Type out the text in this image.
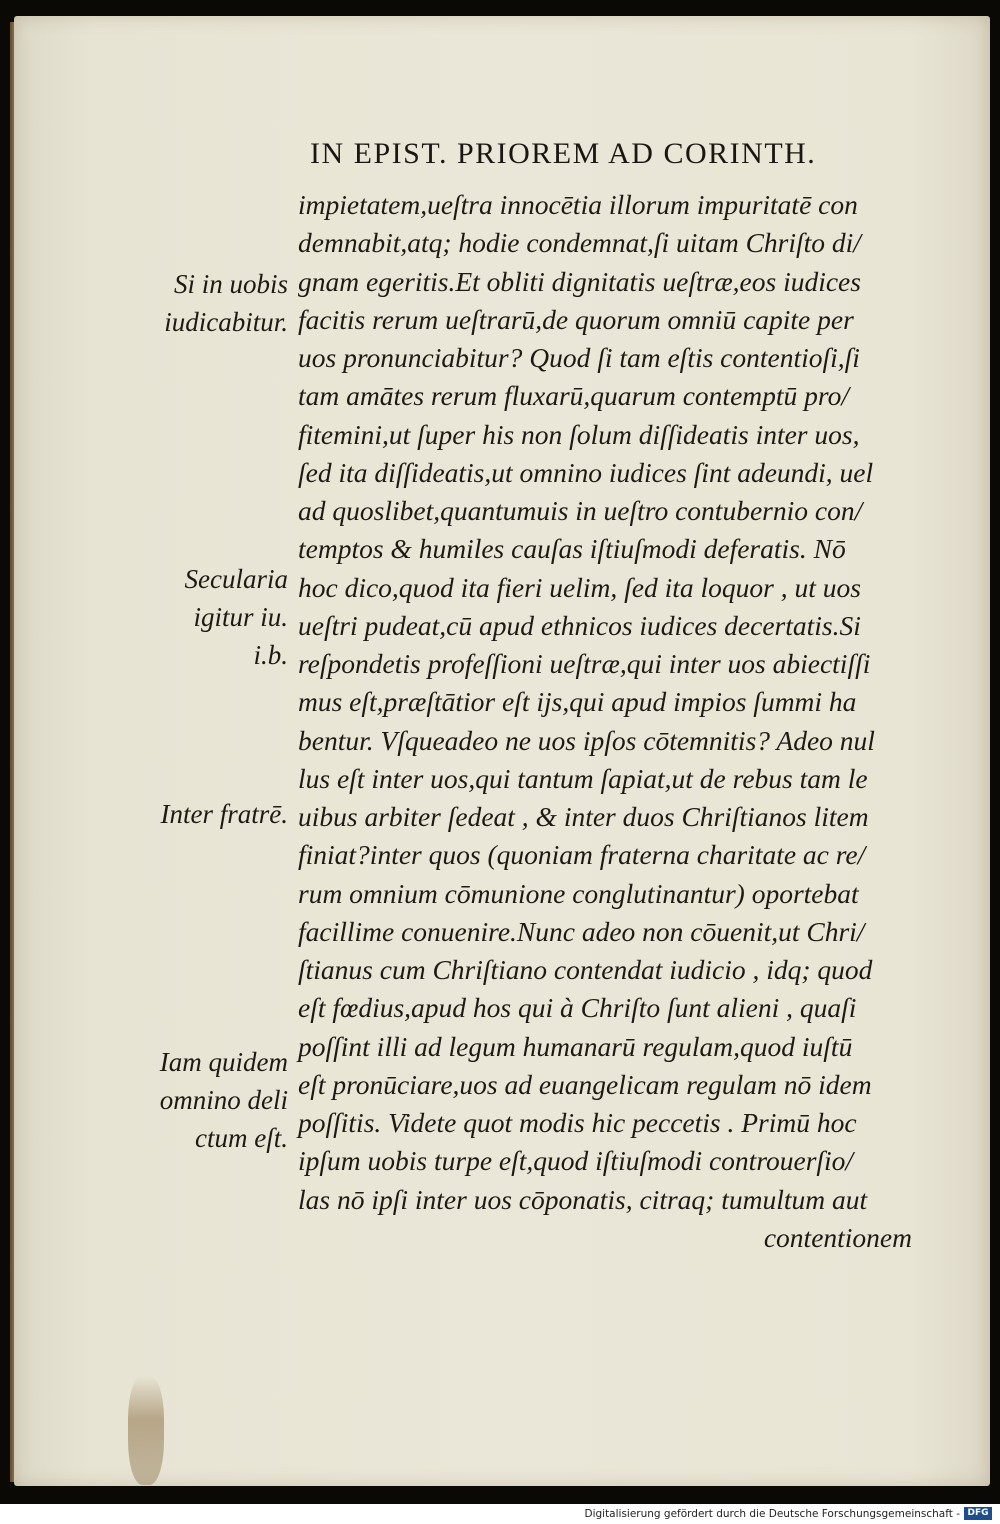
IN EPIST. PRIOREM AD CORINTH.
impietatem,ueſtra innocētia illorum impuritatē con
demnabit,atq; hodie condemnat,ſi uitam Chriſto di/
gnam egeritis.Et obliti dignitatis ueſtræ,eos iudices
facitis rerum ueſtrarū,de quorum omniū capite per
uos pronunciabitur? Quod ſi tam eſtis contentioſi,ſi
tam amātes rerum fluxarū,quarum contemptū pro/
fitemini,ut ſuper his non ſolum diſſideatis inter uos,
ſed ita diſſideatis,ut omnino iudices ſint adeundi, uel
ad quoslibet,quantumuis in ueſtro contubernio con/
temptos & humiles cauſas iſtiuſmodi deferatis. Nō
hoc dico,quod ita fieri uelim, ſed ita loquor , ut uos
ueſtri pudeat,cū apud ethnicos iudices decertatis.Si
reſpondetis profeſſioni ueſtræ,qui inter uos abiectiſſi
mus eſt,præſtātior eſt ijs,qui apud impios ſummi ha
bentur. Vſqueadeo ne uos ipſos cōtemnitis? Adeo nul
lus eſt inter uos,qui tantum ſapiat,ut de rebus tam le
uibus arbiter ſedeat , & inter duos Chriſtianos litem
finiat?inter quos (quoniam fraterna charitate ac re/
rum omnium cōmunione conglutinantur) oportebat
facillime conuenire.Nunc adeo non cōuenit,ut Chri/
ſtianus cum Chriſtiano contendat iudicio , idq; quod
eſt fœdius,apud hos qui à Chriſto ſunt alieni , quaſi
poſſint illi ad legum humanarū regulam,quod iuſtū
eſt pronūciare,uos ad euangelicam regulam nō idem
poſſitis. Videte quot modis hic peccetis . Primū hoc
ipſum uobis turpe eſt,quod iſtiuſmodi controuerſio/
las nō ipſi inter uos cōponatis, citraq; tumultum aut
contentionem
Si in uobis
iudicabitur.
Secularia
igitur iu.
i.b.
Inter fratrē.
Iam quidem
omnino deli
ctum eſt.
Digitalisierung gefördert durch die Deutsche Forschungsgemeinschaft - DFG
